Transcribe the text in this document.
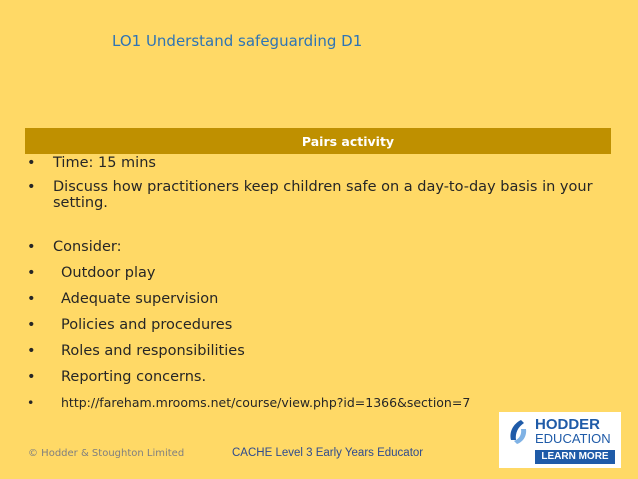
LO1 Understand safeguarding D1
Pairs activity
• Time: 15 mins
• Discuss how practitioners keep children safe on a day-to-day basis in your setting.
• Consider:
• Outdoor play
• Adequate supervision
• Policies and procedures
• Roles and responsibilities
• Reporting concerns.
• http://fareham.mrooms.net/course/view.php?id=1366&section=7
© Hodder & Stoughton Limited	CACHE Level 3 Early Years Educator
HODDER
EDUCATION
LEARN MORE
